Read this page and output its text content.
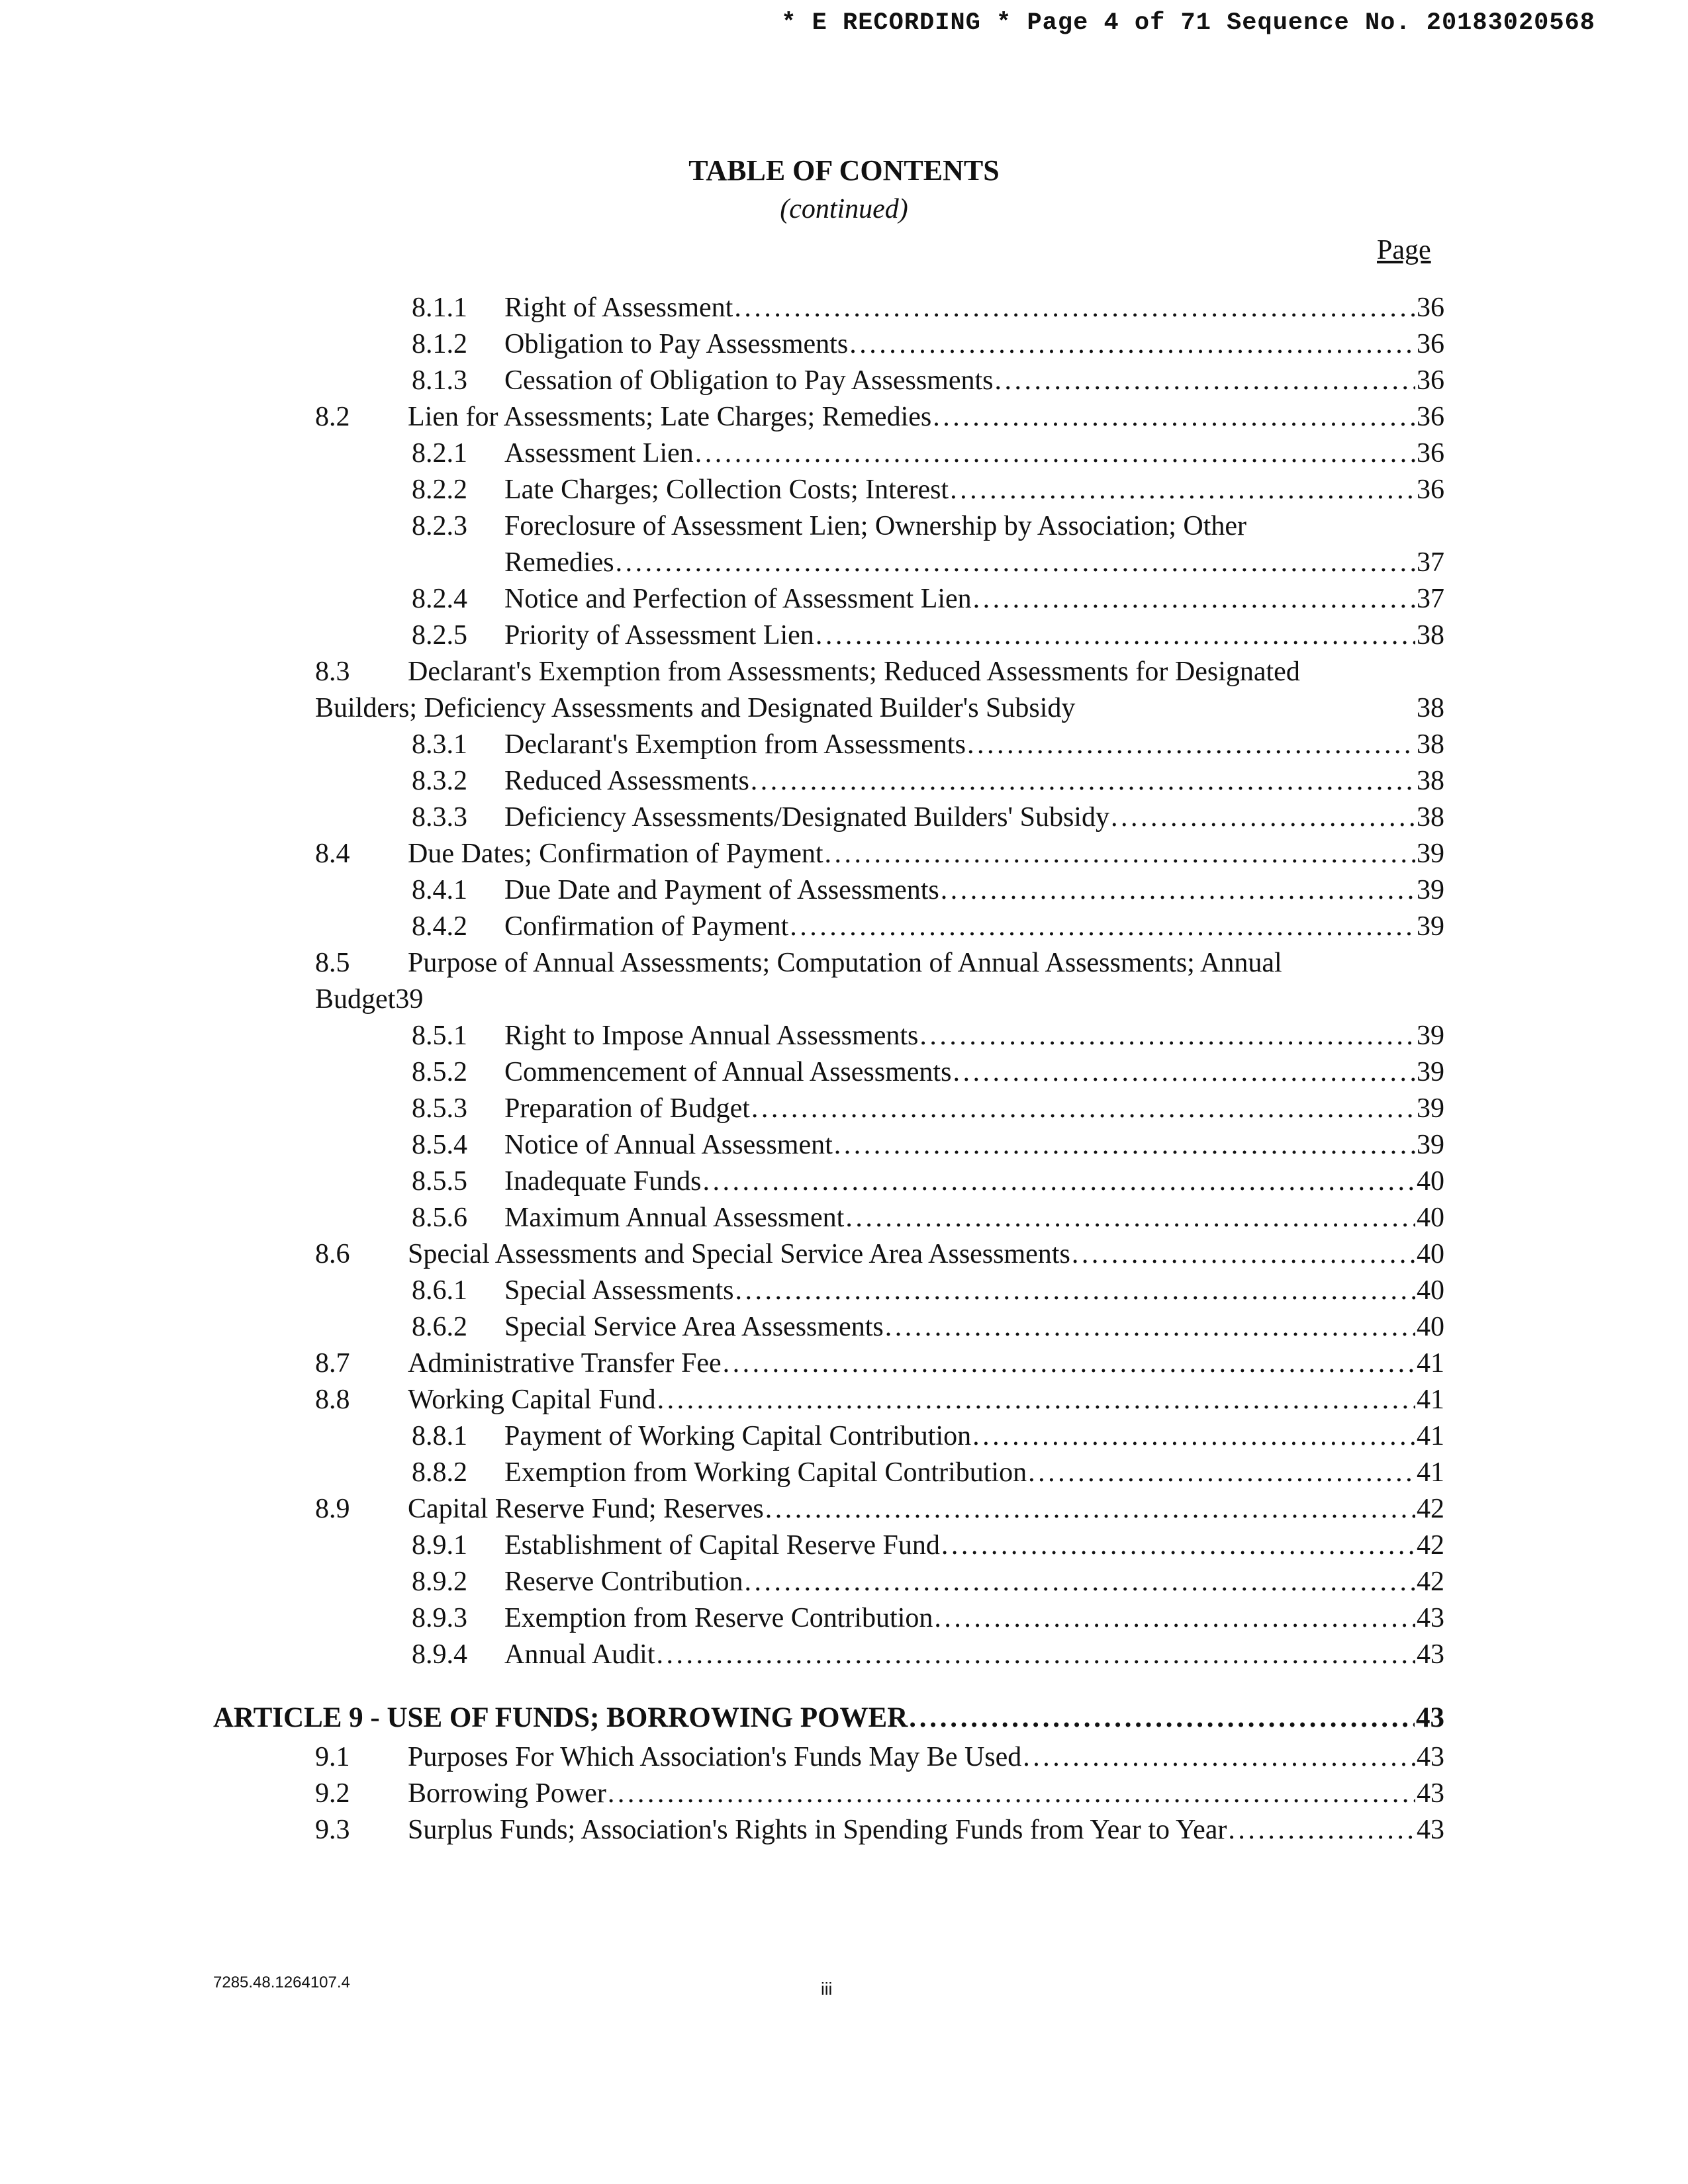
* E RECORDING * Page 4 of 71 Sequence No. 20183020568
TABLE OF CONTENTS
(continued)
Page
8.1.1 Right of Assessment . . .	36
8.1.2 Obligation to Pay Assessments . . .	36
8.1.3 Cessation of Obligation to Pay Assessments . . .	36
8.2 Lien for Assessments; Late Charges; Remedies . . .	36
8.2.1 Assessment Lien . . .	36
8.2.2 Late Charges; Collection Costs; Interest . . .	36
8.2.3 Foreclosure of Assessment Lien; Ownership by Association; Other
Remedies . . .	37
8.2.4 Notice and Perfection of Assessment Lien . . .	37
8.2.5 Priority of Assessment Lien . . .	38
8.3 Declarant's Exemption from Assessments; Reduced Assessments for Designated
Builders; Deficiency Assessments and Designated Builder's Subsidy	38
8.3.1 Declarant's Exemption from Assessments . . .	38
8.3.2 Reduced Assessments . . .	38
8.3.3 Deficiency Assessments/Designated Builders' Subsidy . . .	38
8.4 Due Dates; Confirmation of Payment . . .	39
8.4.1 Due Date and Payment of Assessments . . .	39
8.4.2 Confirmation of Payment . . .	39
8.5 Purpose of Annual Assessments; Computation of Annual Assessments; Annual
Budget 39
8.5.1 Right to Impose Annual Assessments . . .	39
8.5.2 Commencement of Annual Assessments . . .	39
8.5.3 Preparation of Budget . . .	39
8.5.4 Notice of Annual Assessment . . .	39
8.5.5 Inadequate Funds . . .	40
8.5.6 Maximum Annual Assessment . . .	40
8.6 Special Assessments and Special Service Area Assessments . . .	40
8.6.1 Special Assessments . . .	40
8.6.2 Special Service Area Assessments . . .	40
8.7 Administrative Transfer Fee . . .	41
8.8 Working Capital Fund . . .	41
8.8.1 Payment of Working Capital Contribution . . .	41
8.8.2 Exemption from Working Capital Contribution . . .	41
8.9 Capital Reserve Fund; Reserves . . .	42
8.9.1 Establishment of Capital Reserve Fund . . .	42
8.9.2 Reserve Contribution . . .	42
8.9.3 Exemption from Reserve Contribution . . .	43
8.9.4 Annual Audit . . .	43
ARTICLE 9 - USE OF FUNDS; BORROWING POWER . . .	43
9.1 Purposes For Which Association's Funds May Be Used . . .	43
9.2 Borrowing Power . . .	43
9.3 Surplus Funds; Association's Rights in Spending Funds from Year to Year . . .	43
7285.48.1264107.4	iii
